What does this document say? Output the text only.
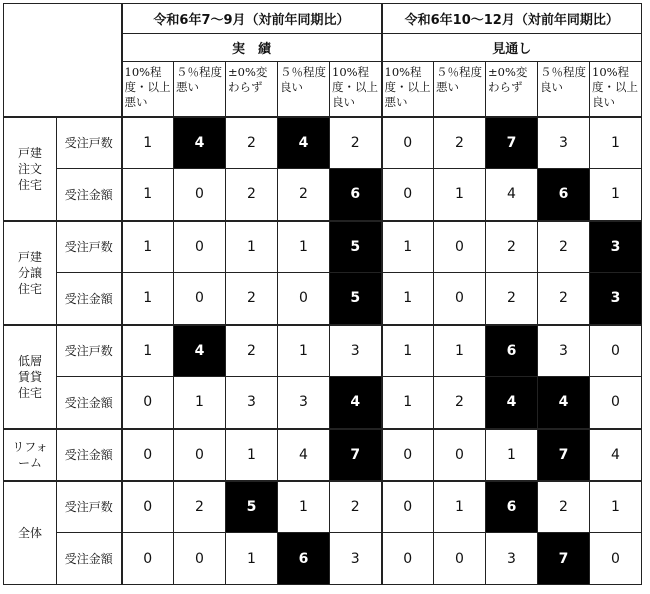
		令和6年7〜9月（対前年同期比）					令和6年10〜12月（対前年同期比）				
		実　績					見通し				
		10%程度・以上悪い	５％程度悪い	±0%変わらず	５％程度良い	10%程度・以上良い	10%程度・以上悪い	５％程度悪い	±0%変わらず	５％程度良い	10%程度・以上良い

戸建
注文
住宅	受注戸数	1	4	2	4	2	0	2	7	3	1
	受注金額	1	0	2	2	6	0	1	4	6	1

戸建
分譲
住宅	受注戸数	1	0	1	1	5	1	0	2	2	3
	受注金額	1	0	2	0	5	1	0	2	2	3

低層
賃貸
住宅	受注戸数	1	4	2	1	3	1	1	6	3	0
	受注金額	0	1	3	3	4	1	2	4	4	0

リフォ
ーム	受注金額	0	0	1	4	7	0	0	1	7	4
全体	受注戸数	0	2	5	1	2	0	1	6	2	1
	受注金額	0	0	1	6	3	0	0	3	7	0
